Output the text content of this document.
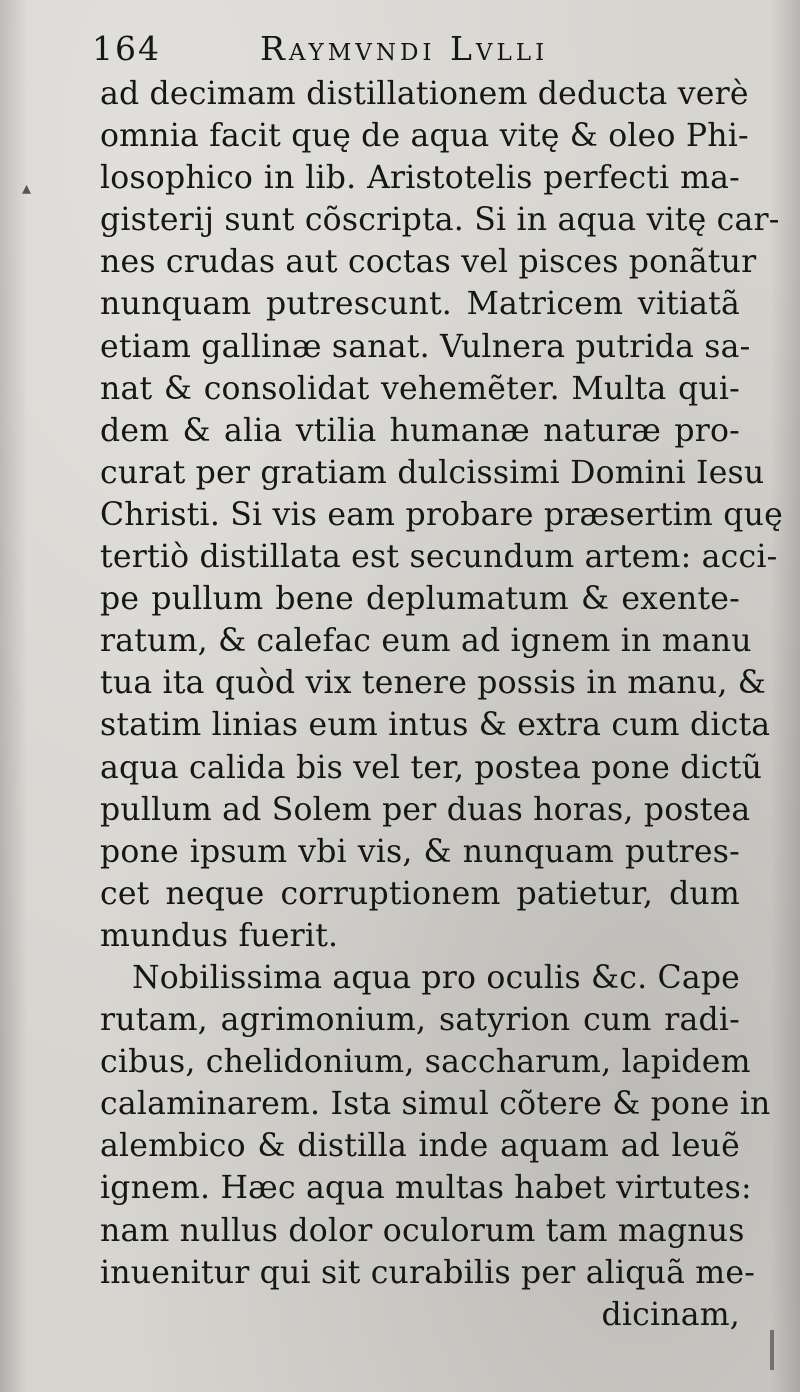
164	Raymvndi Lvlli
▴
ad decimam distillationem deducta verè
omnia facit quę de aqua vitę & oleo Phi-
losophico in lib. Aristotelis perfecti ma-
gisterij sunt cõscripta. Si in aqua vitę car-
nes crudas aut coctas vel pisces ponãtur
nunquam putrescunt. Matricem vitiatã
etiam gallinæ sanat. Vulnera putrida sa-
nat & consolidat vehemẽter. Multa qui-
dem & alia vtilia humanæ naturæ pro-
curat per gratiam dulcissimi Domini Iesu
Christi. Si vis eam probare præsertim quę
tertiò distillata est secundum artem: acci-
pe pullum bene deplumatum & exente-
ratum, & calefac eum ad ignem in manu
tua ita quòd vix tenere possis in manu, &
statim linias eum intus & extra cum dicta
aqua calida bis vel ter, postea pone dictũ
pullum ad Solem per duas horas, postea
pone ipsum vbi vis, & nunquam putres-
cet neque corruptionem patietur, dum
mundus fuerit.
Nobilissima aqua pro oculis &c. Cape
rutam, agrimonium, satyrion cum radi-
cibus, chelidonium, saccharum, lapidem
calaminarem. Ista simul cõtere & pone in
alembico & distilla inde aquam ad leuẽ
ignem. Hæc aqua multas habet virtutes:
nam nullus dolor oculorum tam magnus
inuenitur qui sit curabilis per aliquã me-
dicinam,
